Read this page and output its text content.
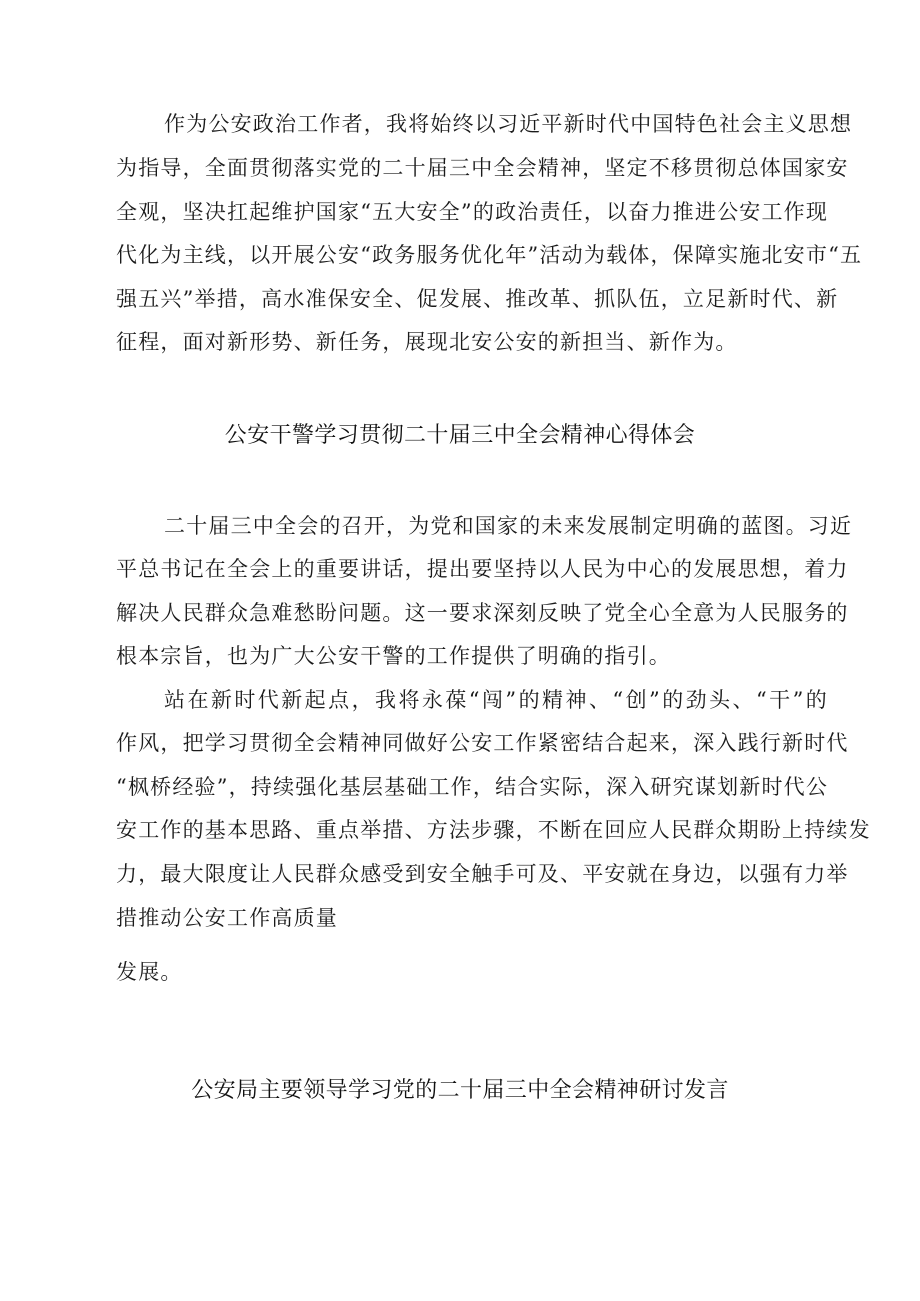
作为公安政治工作者，我将始终以习近平新时代中国特色社会主义思想
为指导，全面贯彻落实党的二十届三中全会精神，坚定不移贯彻总体国家安
全观，坚决扛起维护国家“五大安全”的政治责任，以奋力推进公安工作现
代化为主线，以开展公安“政务服务优化年”活动为载体，保障实施北安市“五
强五兴”举措，高水准保安全、促发展、推改革、抓队伍，立足新时代、新
征程，面对新形势、新任务，展现北安公安的新担当、新作为。
公安干警学习贯彻二十届三中全会精神心得体会
二十届三中全会的召开，为党和国家的未来发展制定明确的蓝图。习近
平总书记在全会上的重要讲话，提出要坚持以人民为中心的发展思想，着力
解决人民群众急难愁盼问题。这一要求深刻反映了党全心全意为人民服务的
根本宗旨，也为广大公安干警的工作提供了明确的指引。
站在新时代新起点，我将永葆“闯”的精神、“创”的劲头、“干”的
作风，把学习贯彻全会精神同做好公安工作紧密结合起来，深入践行新时代
“枫桥经验”，持续强化基层基础工作，结合实际，深入研究谋划新时代公
安工作的基本思路、重点举措、方法步骤，不断在回应人民群众期盼上持续发
力，最大限度让人民群众感受到安全触手可及、平安就在身边，以强有力举
措推动公安工作高质量
发展。
公安局主要领导学习党的二十届三中全会精神研讨发言
